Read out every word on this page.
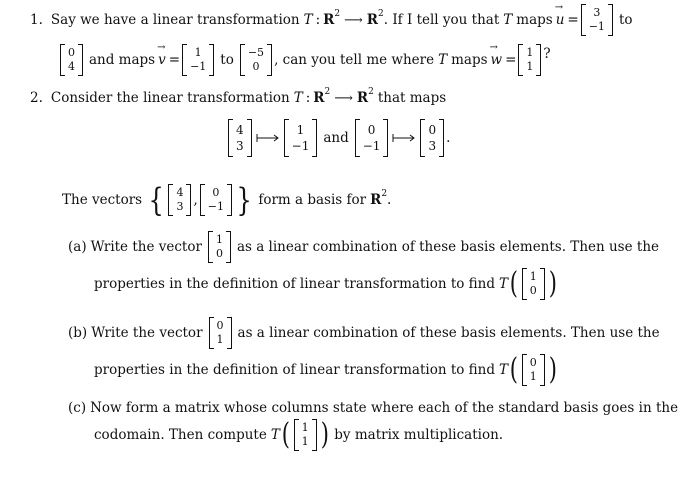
1. Say we have a linear transformation T : R 2 ⟶ R 2 . If I tell you that T maps → u = 3
−1 to
0
4 and maps → v = 1
−1 to −5
0 , can you tell me where T maps → w = 1
1
?
2. Consider the linear transformation T : R 2 ⟶ R 2 that maps
4
3
1
−1 and 0
−1
0
3 .
The vectors { 4
3 , 0
−1 } form a basis for R 2 .
(a) Write the vector 1
0 as a linear combination of these basis elements. Then use the
properties in the definition of linear transformation to find T ( 1
0 )
(b) Write the vector 0
1 as a linear combination of these basis elements. Then use the
properties in the definition of linear transformation to find T ( 0
1 )
(c) Now form a matrix whose columns state where each of the standard basis goes in the
codomain. Then compute T ( 1
1 ) by matrix multiplication.
